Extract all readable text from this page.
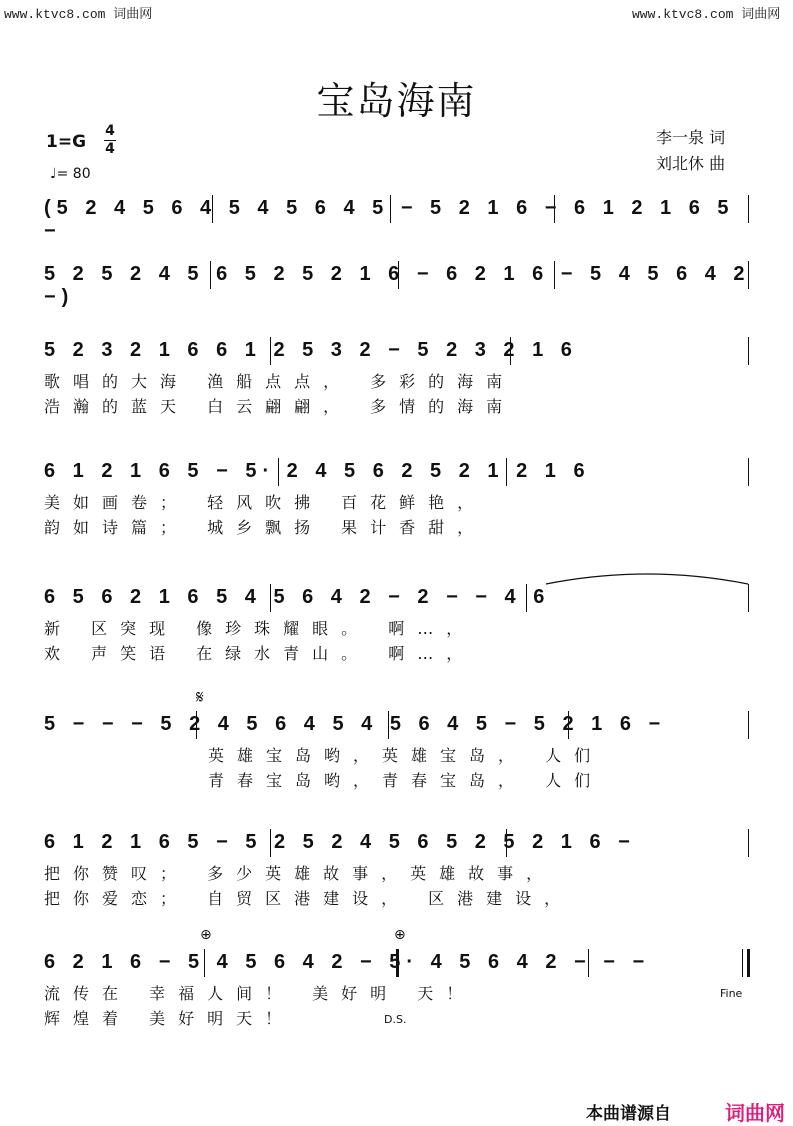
www.ktvc8.com 词曲网	www.ktvc8.com 词曲网
宝岛海南
1=G
4
4
♩= 80
李一泉 词
刘北休 曲
(5 2 4 5 6 4 5 4 5 6 4 5 − 5 2 1 6 − 6 1 2 1 6 5 −
5 2 5 2 4 5 6 5 2 5 2 1 6 − 6 2 1 6 − 5 4 5 6 4 2 −)
5 2 3 2 1 6 6 1 2 5 3 2 − 5 2 3 2 1 6
歌唱的大海 渔船点点， 多彩的海南
浩瀚的蓝天 白云翩翩， 多情的海南
6 1 2 1 6 5 − 5· 2 4 5 6 2 5 2 1 2 1 6
美如画卷； 轻风吹拂 百花鲜艳，
韵如诗篇； 城乡飘扬 果计香甜，
6 5 6 2 1 6 5 4 5 6 4 2 − 2 − − 4 6
新 区突现 像珍珠耀眼。 啊…，
欢 声笑语 在绿水青山。 啊…，
𝄋
5 − − − 5 2 4 5 6 4 5 4 5 6 4 5 − 5 2 1 6 −
英雄宝岛哟，英雄宝岛， 人们
青春宝岛哟，青春宝岛， 人们
6 1 2 1 6 5 − 5 2 5 2 4 5 6 5 2 5 2 1 6 −
把你赞叹； 多少英雄故事，英雄故事，
把你爱恋； 自贸区港建设， 区港建设，
⊕	⊕
6 2 1 6 − 5 4 5 6 4 2 − 5· 4 5 6 4 2 − − −
流传在 幸福人间！ 美好明 天！
辉煌着 美好明天！
Fine
D.S.
本曲谱源自	词曲网
